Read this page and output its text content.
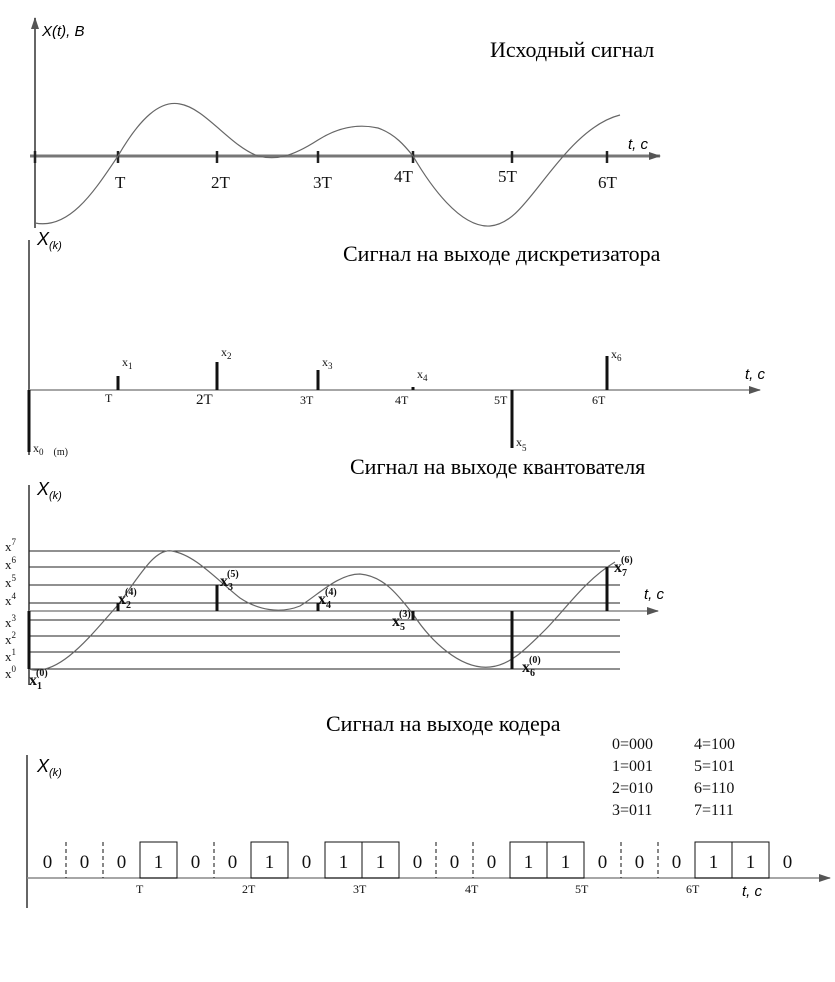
X(t), B
t, c
Исходный сигнал
T	2T	3T	4T	5T	6T
$X_{(k)}$
t, c
Сигнал на выходе дискретизатора
$x_0$ (m)
$x_1$
$x_2$	$x_3$
$x_4$
$x_5$
$x_6$
T	2T	3T	4T	5T	6T
Сигнал на выходе квантователя
$X_{(k)}$
t, c
$x^0$
$x^1$
$x^2$
$x^3$
$x^4$
$x^5$
$x^6$
$x^7$
$x_1(0)$
$x_2(4)$
$x_3(5)$
$x_4(4)$
$x_5(3)$
$x_6(0)$
$x_7(6)$
Сигнал на выходе кодера
$X_{(k)}$
t, c
0=000	4=100
1=001	5=101
2=010	6=110
3=011	7=111
0 0 0 1 0 0 1 0 1 1 0 0 0 1 1 0 0 0 1 1 0
T	2T	3T	4T	5T	6T
